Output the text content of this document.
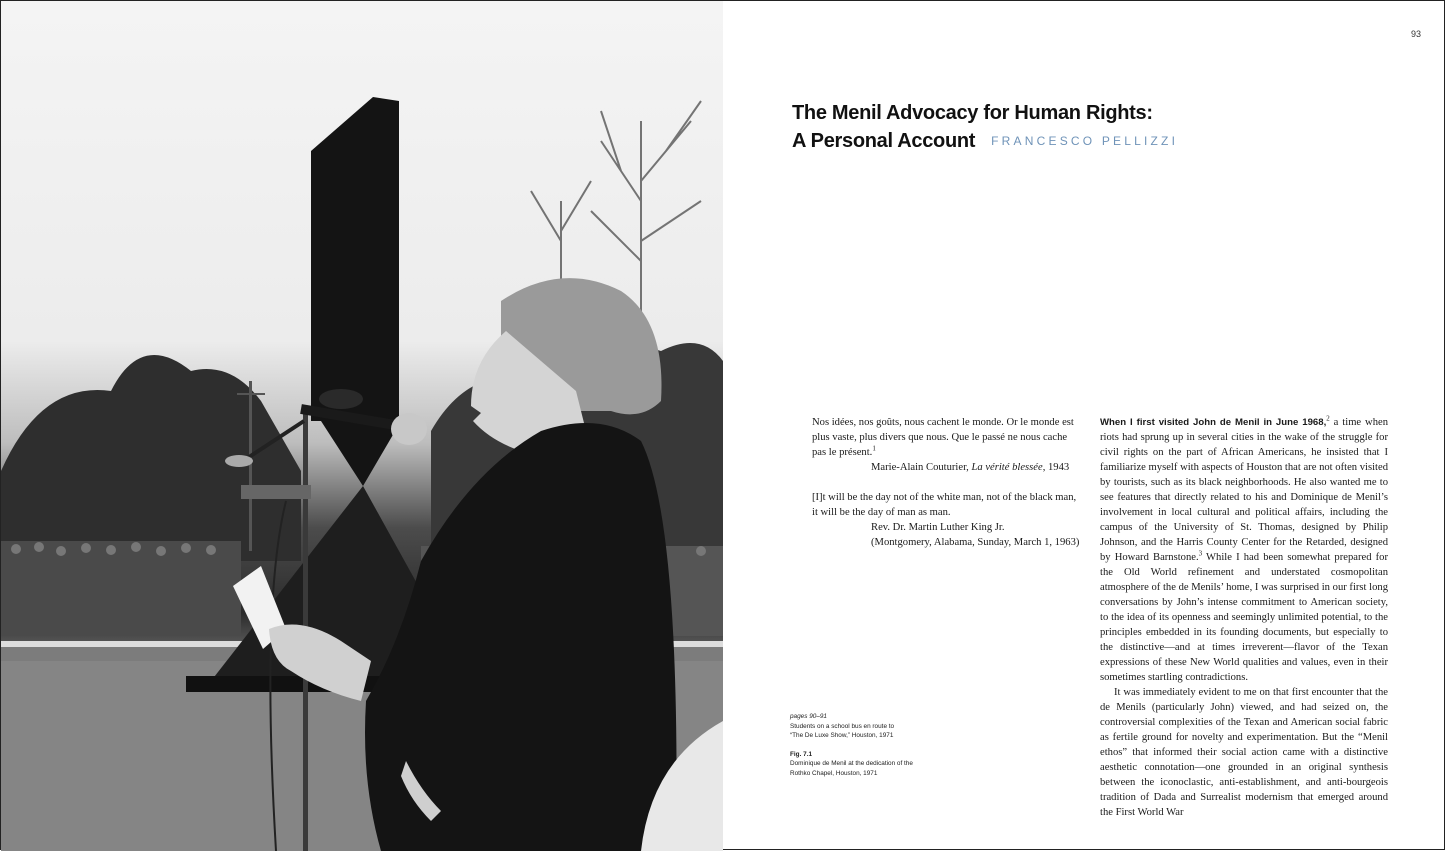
93
The Menil Advocacy for Human Rights:
A Personal Account FRANCESCO PELLIZZI

Nos idées, nos goûts, nous cachent le monde. Or le monde est plus vaste, plus divers que nous. Que le passé ne nous cache pas le présent.$^1$

Marie-Alain Couturier, La vérité blessée, 1943

[I]t will be the day not of the white man, not of the black man, it will be the day of man as man.

Rev. Dr. Martin Luther King Jr.

(Montgomery, Alabama, Sunday, March 1, 1963)

When I first visited John de Menil in June 1968,$^2$ a time when riots had sprung up in several cities in the wake of the struggle for civil rights on the part of African Americans, he insisted that I familiarize myself with aspects of Houston that are not often visited by tourists, such as its black neighborhoods. He also wanted me to see features that directly related to his and Dominique de Menil’s involvement in local cultural and political affairs, including the campus of the University of St. Thomas, designed by Philip Johnson, and the Harris County Center for the Retarded, designed by Howard Barnstone.$^3$ While I had been somewhat prepared for the Old World refinement and understated cosmopolitan atmosphere of the de Menils’ home, I was surprised in our first long conversations by John’s intense commitment to American society, to the idea of its openness and seemingly unlimited potential, to the principles embedded in its founding documents, but especially to the distinctive—and at times irreverent—flavor of the Texan expressions of these New World qualities and values, even in their sometimes startling contradictions.

It was immediately evident to me on that first encounter that the de Menils (particularly John) viewed, and had seized on, the controversial complexities of the Texan and American social fabric as fertile ground for novelty and experimentation. But the “Menil ethos” that informed their social action came with a distinctive aesthetic connotation—one grounded in an original synthesis between the iconoclastic, anti-establishment, and anti-bourgeois tradition of Dada and Surrealist modernism that emerged around the First World War

pages 90–91
Students on a school bus en route to
“The De Luxe Show,” Houston, 1971
Fig. 7.1
Dominique de Menil at the dedication of the
Rothko Chapel, Houston, 1971
